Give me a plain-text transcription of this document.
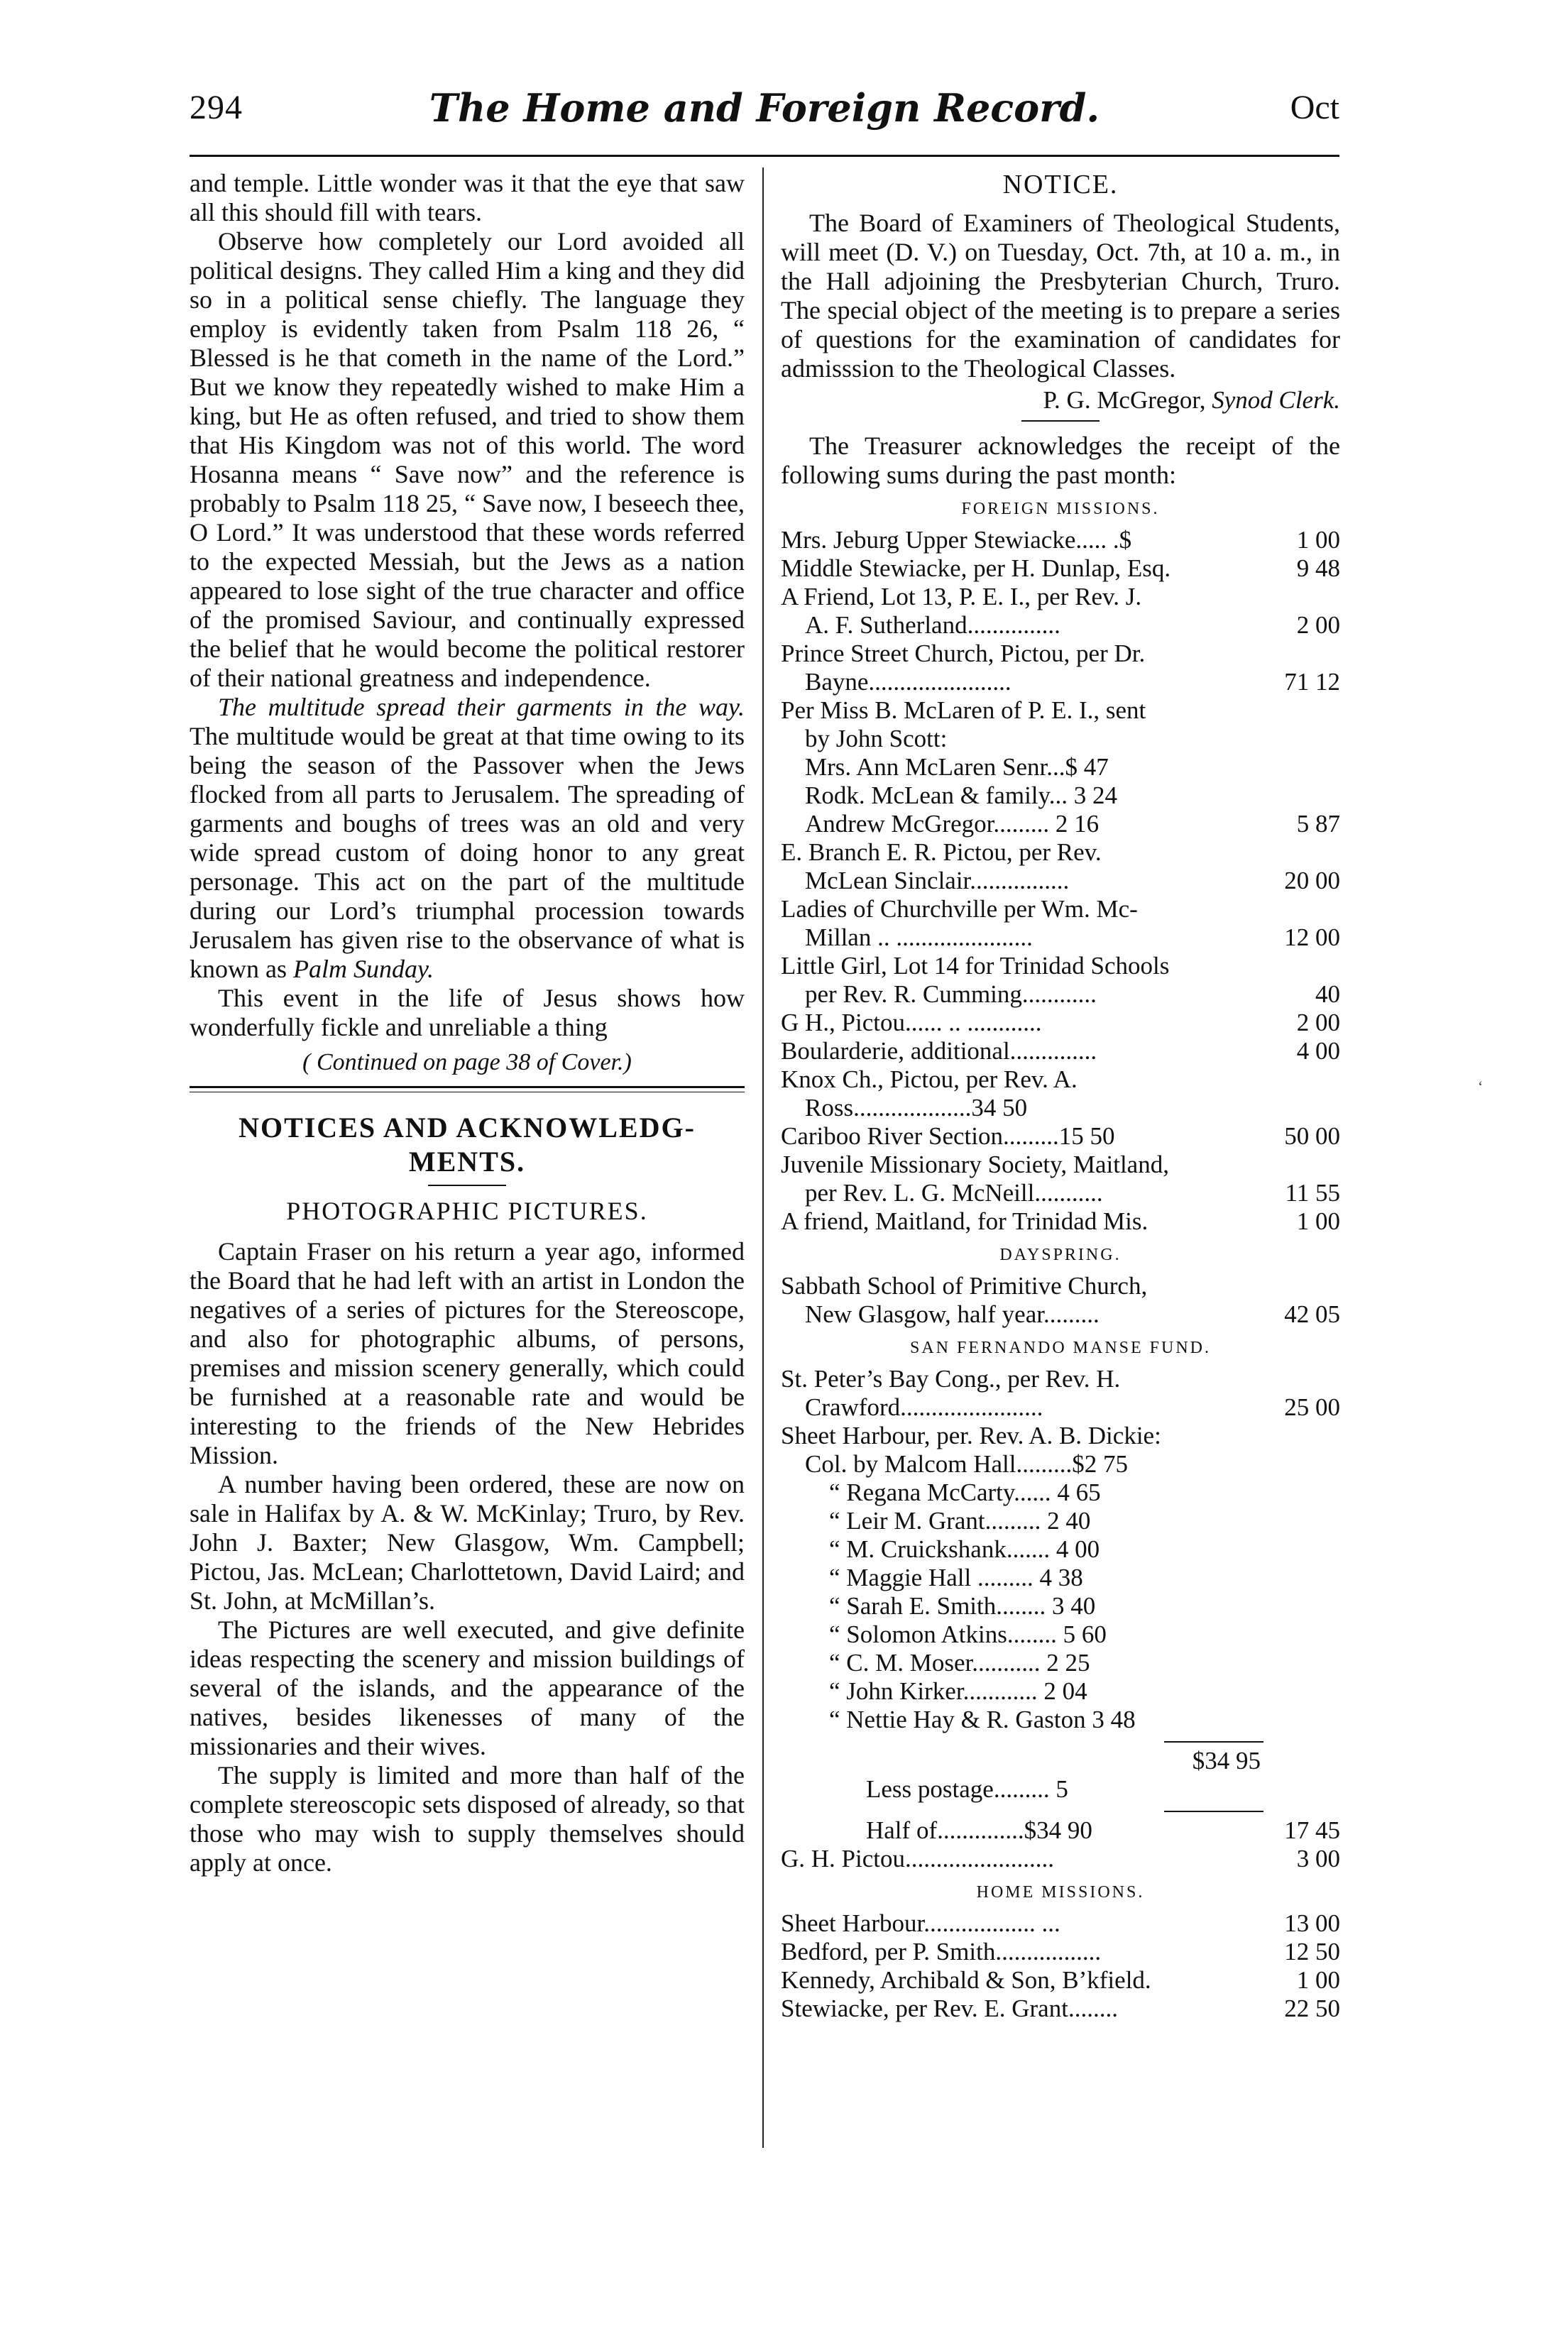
294	The Home and Foreign Record.	Oct

and temple. Little wonder was it that the eye that saw all this should fill with tears.

Observe how completely our Lord avoided all political designs. They called Him a king and they did so in a political sense chiefly. The language they employ is evidently taken from Psalm 118 26, “ Blessed is he that cometh in the name of the Lord.” But we know they repeatedly wished to make Him a king, but He as often refused, and tried to show them that His Kingdom was not of this world. The word Hosanna means “ Save now” and the reference is probably to Psalm 118 25, “ Save now, I beseech thee, O Lord.” It was understood that these words referred to the expected Messiah, but the Jews as a nation appeared to lose sight of the true character and office of the promised Saviour, and continually expressed the belief that he would become the political restorer of their national greatness and independence.

The multitude spread their garments in the way. The multitude would be great at that time owing to its being the season of the Passover when the Jews flocked from all parts to Jerusalem. The spreading of garments and boughs of trees was an old and very wide spread custom of doing honor to any great personage. This act on the part of the multitude during our Lord’s triumphal procession towards Jerusalem has given rise to the observance of what is known as Palm Sunday.

This event in the life of Jesus shows how wonderfully fickle and unreliable a thing

( Continued on page 38 of Cover.)
NOTICES AND ACKNOWLEDG-
MENTS.
PHOTOGRAPHIC PICTURES.

Captain Fraser on his return a year ago, informed the Board that he had left with an artist in London the negatives of a series of pictures for the Stereoscope, and also for photographic albums, of persons, premises and mission scenery generally, which could be furnished at a reasonable rate and would be interesting to the friends of the New Hebrides Mission.

A number having been ordered, these are now on sale in Halifax by A. & W. McKinlay; Truro, by Rev. John J. Baxter; New Glasgow, Wm. Campbell; Pictou, Jas. McLean; Charlottetown, David Laird; and St. John, at McMillan’s.

The Pictures are well executed, and give definite ideas respecting the scenery and mission buildings of several of the islands, and the appearance of the natives, besides likenesses of many of the missionaries and their wives.

The supply is limited and more than half of the complete stereoscopic sets disposed of already, so that those who may wish to supply themselves should apply at once.

NOTICE.

The Board of Examiners of Theological Students, will meet (D. V.) on Tuesday, Oct. 7th, at 10 a. m., in the Hall adjoining the Presbyterian Church, Truro. The special object of the meeting is to prepare a series of questions for the examination of candidates for admisssion to the Theological Classes.

P. G. McGregor, Synod Clerk.

The Treasurer acknowledges the receipt of the following sums during the past month:

FOREIGN MISSIONS.
Mrs. Jeburg Upper Stewiacke..... .$	1 00
Middle Stewiacke, per H. Dunlap, Esq.	9 48
A Friend, Lot 13, P. E. I., per Rev. J.
A. F. Sutherland...............	2 00
Prince Street Church, Pictou, per Dr.
Bayne.......................	71 12
Per Miss B. McLaren of P. E. I., sent
by John Scott:
Mrs. Ann McLaren Senr...$ 47
Rodk. McLean & family... 3 24
Andrew McGregor......... 2 16	5 87
E. Branch E. R. Pictou, per Rev.
McLean Sinclair................	20 00
Ladies of Churchville per Wm. Mc-
Millan .. ......................	12 00
Little Girl, Lot 14 for Trinidad Schools
per Rev. R. Cumming............	40
G H., Pictou...... .. ............	2 00
Boularderie, additional..............	4 00
Knox Ch., Pictou, per Rev. A.
Ross...................34 50
Cariboo River Section.........15 50	50 00
Juvenile Missionary Society, Maitland,
per Rev. L. G. McNeill...........	11 55
A friend, Maitland, for Trinidad Mis.	1 00
DAYSPRING.
Sabbath School of Primitive Church,
New Glasgow, half year.........	42 05
SAN FERNANDO MANSE FUND.
St. Peter’s Bay Cong., per Rev. H.
Crawford.......................	25 00
Sheet Harbour, per. Rev. A. B. Dickie:
Col. by Malcom Hall.........$2 75
“ Regana McCarty...... 4 65
“ Leir M. Grant......... 2 40
“ M. Cruickshank....... 4 00
“ Maggie Hall ......... 4 38
“ Sarah E. Smith........ 3 40
“ Solomon Atkins........ 5 60
“ C. M. Moser........... 2 25
“ John Kirker............ 2 04
“ Nettie Hay & R. Gaston 3 48
$34 95
Less postage......... 5
Half of..............$34 90	17 45
G. H. Pictou........................	3 00
HOME MISSIONS.
Sheet Harbour.................. ...	13 00
Bedford, per P. Smith.................	12 50
Kennedy, Archibald & Son, B’kfield.	1 00
Stewiacke, per Rev. E. Grant........	22 50
‘
